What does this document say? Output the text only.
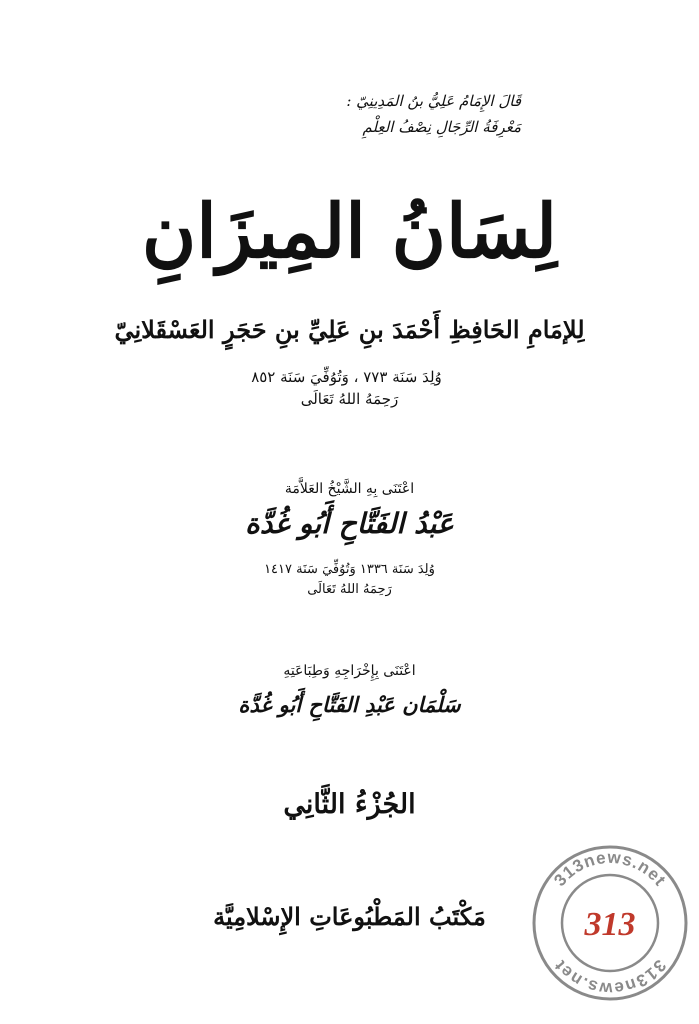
قَالَ الإِمَامُ عَلِيُّ بنُ المَدِينِيّ :
مَعْرِفَةُ الرِّجَالِ نِصْفُ العِلْمِ
لِسَانُ المِيزَانِ
لِلإمَامِ الحَافِظِ أَحْمَدَ بنِ عَلِيِّ بنِ حَجَرٍ العَسْقَلانِيّ
وُلِدَ سَنَة ٧٧٣ ، وَتُوُفِّيَ سَنَة ٨٥٢
رَحِمَهُ اللهُ تَعَالَى
اعْتَنَى بِهِ الشَّيْخُ العَلاَّمَة
عَبْدُ الفَتَّاحِ أَبُو غُدَّة
وُلِدَ سَنَة ١٣٣٦ وَتُوُفِّيَ سَنَة ١٤١٧
رَحِمَهُ اللهُ تَعَالَى
اعْتَنَى بِإِخْرَاجِهِ وَطِبَاعَتِهِ
سَلْمَان عَبْدِ الفَتَّاحِ أَبُو غُدَّة
الجُزْءُ الثَّانِي
مَكْتَبُ المَطْبُوعَاتِ الإِسْلامِيَّة
313news.net
313news.net
313
